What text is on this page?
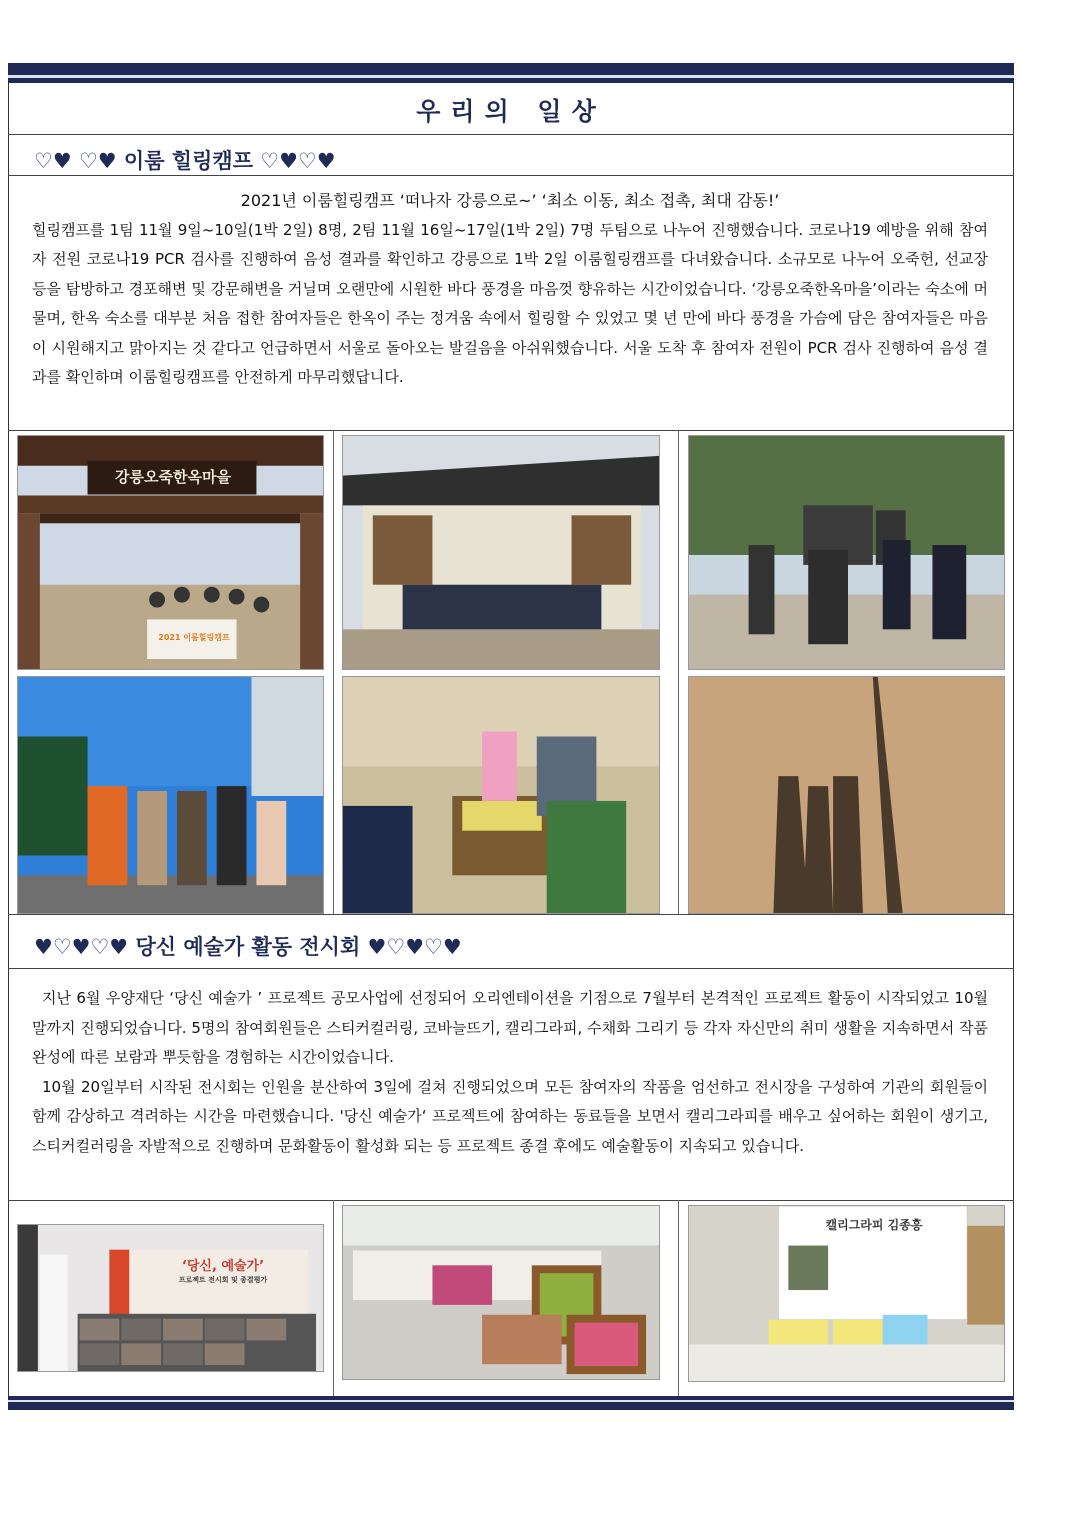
우리의 일상
♡♥ ♡♥ 이룸 힐링캠프 ♡♥♡♥

2021년 이룸힐링캠프 ‘떠나자 강릉으로~’ ‘최소 이동, 최소 접촉, 최대 감동!’

힐링캠프를 1팀 11월 9일~10일(1박 2일) 8명, 2팀 11월 16일~17일(1박 2일) 7명 두팀으로 나누어 진행했습니다. 코로나19 예방을 위해 참여자 전원 코로나19 PCR 검사를 진행하여 음성 결과를 확인하고 강릉으로 1박 2일 이룸힐링캠프를 다녀왔습니다. 소규모로 나누어 오죽헌, 선교장 등을 탐방하고 경포해변 및 강문해변을 거닐며 오랜만에 시원한 바다 풍경을 마음껏 향유하는 시간이었습니다. ‘강릉오죽한옥마을’이라는 숙소에 머물며, 한옥 숙소를 대부분 처음 접한 참여자들은 한옥이 주는 정겨움 속에서 힐링할 수 있었고 몇 년 만에 바다 풍경을 가슴에 담은 참여자들은 마음이 시원해지고 맑아지는 것 같다고 언급하면서 서울로 돌아오는 발걸음을 아쉬워했습니다. 서울 도착 후 참여자 전원이 PCR 검사 진행하여 음성 결과를 확인하며 이룸힐링캠프를 안전하게 마무리했답니다.

강릉오죽한옥마을
2021 이룸힐링캠프
♥♡♥♡♥ 당신 예술가 활동 전시회 ♥♡♥♡♥

지난 6월 우양재단 ‘당신 예술가 ’ 프로젝트 공모사업에 선정되어 오리엔테이션을 기점으로 7월부터 본격적인 프로젝트 활동이 시작되었고 10월 말까지 진행되었습니다. 5명의 참여회원들은 스티커컬러링, 코바늘뜨기, 캘리그라피, 수채화 그리기 등 각자 자신만의 취미 생활을 지속하면서 작품 완성에 따른 보람과 뿌듯함을 경험하는 시간이었습니다.

10월 20일부터 시작된 전시회는 인원을 분산하여 3일에 걸쳐 진행되었으며 모든 참여자의 작품을 엄선하고 전시장을 구성하여 기관의 회원들이 함께 감상하고 격려하는 시간을 마련했습니다. '당신 예술가‘ 프로젝트에 참여하는 동료들을 보면서 캘리그라피를 배우고 싶어하는 회원이 생기고, 스티커컬러링을 자발적으로 진행하며 문화활동이 활성화 되는 등 프로젝트 종결 후에도 예술활동이 지속되고 있습니다.

‘당신, 예술가’
프로젝트 전시회 및 종결평가
캘리그라피 김종흥
